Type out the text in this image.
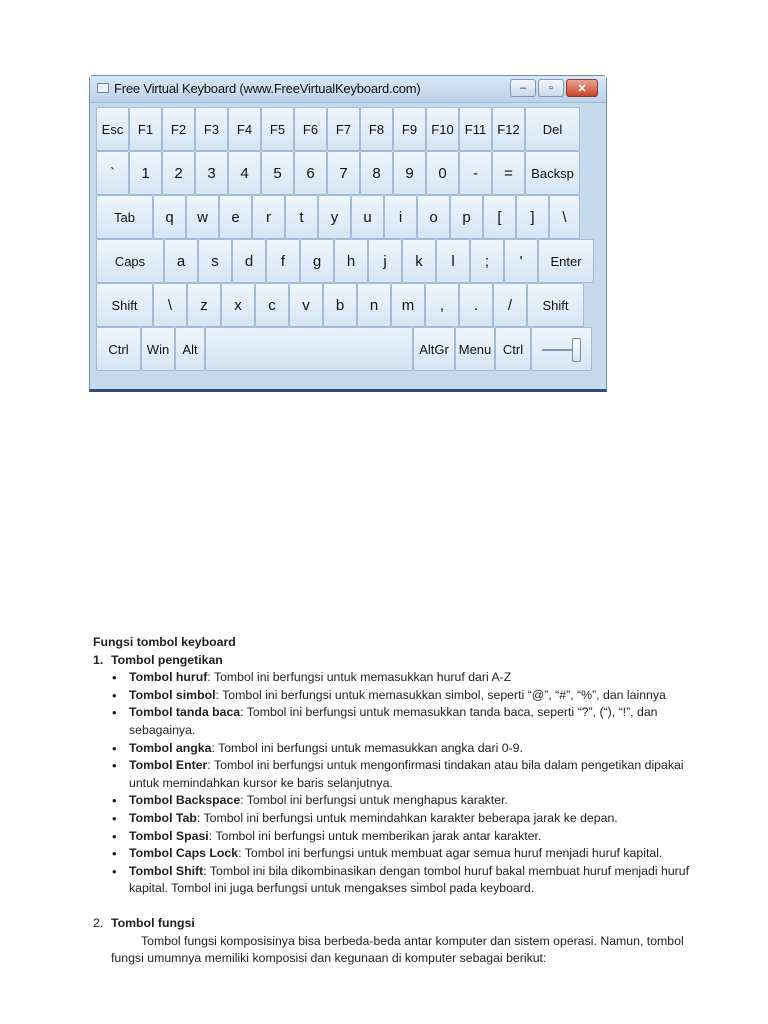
Free Virtual Keyboard (www.FreeVirtualKeyboard.com)	–	▫	✕
Esc	F1	F2	F3	F4	F5	F6	F7	F8	F9	F10 F11 F12	Del
`	1	2	3	4	5	6	7	8	9	0	-	=	Backsp
Tab	q	w	e	r	t	y	u	i	o	p	[	]	\
Caps	a	s	d	f	g	h	j	k	l	;	'	Enter
Shift	\	z	x	c	v	b	n	m	,	.	/	Shift
Ctrl	Win	Alt	AltGr Menu Ctrl
Fungsi tombol keyboard
1. Tombol pengetikan
• Tombol huruf: Tombol ini berfungsi untuk memasukkan huruf dari A-Z
• Tombol simbol: Tombol ini berfungsi untuk memasukkan simbol, seperti “@”, “#”, “%”, dan lainnya
• Tombol tanda baca: Tombol ini berfungsi untuk memasukkan tanda baca, seperti “?”, (“), “!”, dan sebagainya.
• Tombol angka: Tombol ini berfungsi untuk memasukkan angka dari 0-9.
• Tombol Enter: Tombol ini berfungsi untuk mengonfirmasi tindakan atau bila dalam pengetikan dipakai untuk memindahkan kursor ke baris selanjutnya.
• Tombol Backspace: Tombol ini berfungsi untuk menghapus karakter.
• Tombol Tab: Tombol ini berfungsi untuk memindahkan karakter beberapa jarak ke depan.
• Tombol Spasi: Tombol ini berfungsi untuk memberikan jarak antar karakter.
• Tombol Caps Lock: Tombol ini berfungsi untuk membuat agar semua huruf menjadi huruf kapital.
• Tombol Shift: Tombol ini bila dikombinasikan dengan tombol huruf bakal membuat huruf menjadi huruf kapital. Tombol ini juga berfungsi untuk mengakses simbol pada keyboard.
2. Tombol fungsi
Tombol fungsi komposisinya bisa berbeda-beda antar komputer dan sistem operasi. Namun, tombol fungsi umumnya memiliki komposisi dan kegunaan di komputer sebagai berikut:
